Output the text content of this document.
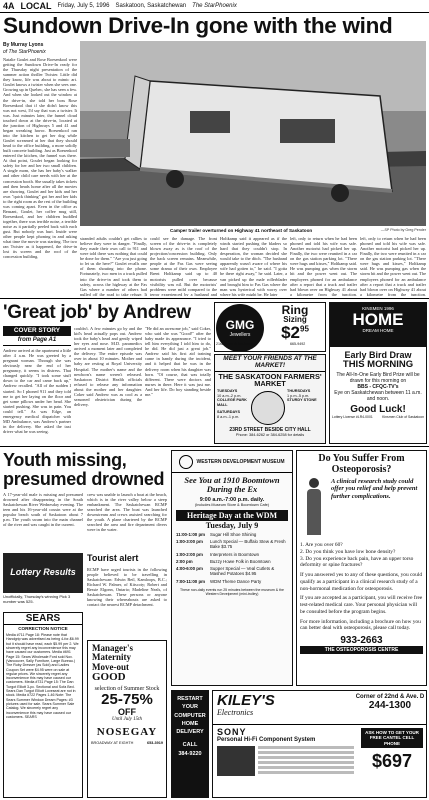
4A LOCAL Friday, July 5, 1996 Saskatoon, Saskatchewan The StarPhoenix
Sundown Drive-In gone with the wind
By Murray Lyons
of The StarPhoenix
Natalie Goulet and Rose Boesenkool were getting the Sundown Drive-In ready for the Thursday night presentation of the summer action thriller Twister. Little did they know, life was about to mimic art. Goulet knows a twister when she sees one. Growing up in Quebec, she has seen a few. And when she looked out the window at the drive-in, she told her boss Rose Boesenkool that if she didn't know this was not west, I'd say that was a twister. It was. Just minutes later, the funnel cloud touched down at the drive-in, located at the junction of Highways 5 and 41 and began wreaking havoc. Boesenkool ran into the kitchen to get her dog while Goulet screamed at her that they should head to the office building, a more solidly built concrete building. Just as Boesenkool entered the kitchen, the funnel was there. At that point, Goulet began looking for safety for her and her two small children. A single mom, she has her baby's walker and other child care needs with her at the concession booth. She usually takes tickets and then heads home after all the movies are showing. Goulet and her kids and her own "quick thinking" got her and her kids to the right room as the rest of the building was coming apart. Even in the office as Beasant, Goulet, her coffee mug still, Boesenkool, and her children huddled together, there was terrible noise, a terrible noise as it partially peeled back with each gust. But nobody was hurt. Inside were other people kept phoning in and asking what time the movie was starting. The two ran Twister as it happened, the drive-in lost its screen and the roof of the concession building.
Camper trailer overturned on Highway 41 northeast of Saskatoon	—SP Photo by Greg Pender
stranded adults couldn't get rallies to believe they were in danger. "Finally, they made their own call to 911 and were told there was nothing that could be done for them." "Are you just going to let us die here?" Goulet recalls one of them shouting into the phone. Fortunately, two men in a truck pulled into the drive-in and took them to safety, across the highway at the Fas Gas where a number of others had pulled off the road to take refuge. It
could see the damage. The front screen of the drive-in is completely blown away as is the roof of the projection/concession building. Only the back screen remains. Meanwhile, people at the Fas Gas were seeing some drama of their own. Employee Brent Holtkamp said up to 40 motorists pulled over because visibility was nil. But the motorists' problems were mild compared to the terror experienced by a husband and
Holtkamp said it appeared as if the winds started pushing the bladers so hard that they couldn't stop. In desperation, the woman decided she would take to the ditch. "The husband apparently wasn't aware of where his wife had gotten to," he said. "I gotta be there right away," he said. Later, a van picked up the male rollerblader and brought him to Fas Gas where the man was hysterical with worry over where his wife might be. He later
left, only to return when he had been phoned and told his wife was safe. Another motorist had picked her up. Finally, the two were reunited in a car on the gas station parking lot. "There were hugs and kisses," Holtkamp said. He was pumping gas when the storm hit and the power went out. The employees phoned for an ambulance after a report that a truck and trailer had blown over on Highway 41 about a kilometre from the junction.
left, only to return when he had been phoned and told his wife was safe. Another motorist had picked her up. Finally, the two were reunited in a car on the gas station parking lot. "There were hugs and kisses," Holtkamp said. He was pumping gas when the storm hit and the power went out. The employees phoned for an ambulance after a report that a truck and trailer had blown over on Highway 41 about a kilometre from the junction.
'Great job' by Andrew
COVER STORY
from Page A1
Andrew arrived at the apartment a little after 4 a.m. He was greeted by a pregnant woman. Through she was obviously near the end of her pregnancy, it seems in distress. That changed quickly. "I took some stuff down to the car and came back up," Andrew recalled. "All of the sudden I started. So I phoned 911 and they told me to get her laying on the floor and get some pillows under her head. She started pushing. She was in pain. You could tell." As was Edge, an emergency medical dispatcher with MD Ambulance, was Andrew's partner in the delivery. She asked the taxi driver what he was seeing.
couldn't. A few minutes go by and the kid's head actually pops out. Andrew took the baby's head and gently wiped her eyes and nose. M.D. paramedics arrived a moment later and completed the delivery. The entire episode was over in about 10 minutes. Mother and baby are resting at Royal University Hospital. The mother's name and the newborn's name weren't released. Saskatoon District Health officials refused to release any information about the mother and her daughter. Coker said Andrew was as cool as a seasoned obstetrician during the delivery.
"He did an awesome job," said Coker, who said she was "Good!" after the baby made its appearance. "I tried to tell him everything I told him to do, he did. He did just a great job." Andrew said his first aid training came in handy during the incident, and it helped that he was in the delivery room when his daughter was born. "Of course, that was totally different. There were doctors and nurses in there. Here it was just me. And her life. Do boy standing beside me."
GMG
Jewellers
Ring
Sizing
$\$2^{95}$
21st Street & 1st Avenue	665-9492
MEET YOUR FRIENDS AT THE MARKET!
THE SASKATOON FARMERS' MARKET
TUESDAYS
10 a.m.-2 p.m.
COLLEGE PARK MALL
SATURDAYS
8 a.m.-1 p.m.
THURSDAYS
1 p.m.-5 p.m.
STURDY STONE
23RD STREET BESIDE CITY HALL
Phone: 384-6262 or 384-6258 for details
KINSMEN 1996
HOME
DREAM HOME
Early Bird Draw
THIS MORNING
The All-In-One Early Bird Prize will be drawn for this morning on
BBS - CFQC-TV's
Eye on Saskatchewan between 11 a.m. and noon.
Good Luck!
Lottery License #LR4-0001	Kinsmen Club of Saskatoon
Youth missing, presumed drowned
A 17-year-old male is missing and presumed drowned after disappearing in the South Saskatchewan River Wednesday evening. The teen and his 16-year-old cousin were at the popular beach south of Saskatoon about 7 p.m. The youth swam into the main channel of the river and was caught in the current.
crew was unable to launch a boat at the beach, which is in the river valley below a steep embankment. The Saskatchewan RCMP searched the area. The boat was launched downstream and crews assisted searching for the youth. A plane chartered by the RCMP searched the area and fire department divers were in the water.
Lottery Results
Unofficially, Thursday's winning Pick 3 number was 525.
SEARS
CORRECTION NOTICE
Media #711 Page 18: Please note that Handgrip was advertised as being 4-for-$6.99 but it should have read, each $5.99 per 2. We sincerely regret any inconvenience this may have caused our customers. Media #691 Page 15: Sears Wholesale Ford sold Nov. (Vancouver, Sally Furniture, Large Bureau.) The Ruby Dresser (as Sold) and Ladies Coupon Set were $4.95 were on sale at regular prices. We sincerely regret any inconvenience this may have caused our customers. Media #731 Page 15: The Dan Turgot Elliott 3-pc. Sectional and Sofa Bed. Sears Dan Turgot Elliott Loveseat are not in stock. Media #722 Pages 1-46 Note: The Sears Summer Window Dream Pages: #3 pictures used for sale. Sears Summer Sale Catalog. We sincerely regret any inconvenience this may have caused our customers. SEARS
Tourist alert
RCMP have urged tourists in the following people believed to be travelling in Saskatchewan: Edwin Beil, Kamloops, B.C.; Richard W. Palmer, of Kitscoty; Robert and Bessie Elgonn, Ontario; Madeline Neals, of Saskatchewan. These persons or anyone knowing their whereabouts are asked to contact the nearest RCMP detachment.
Manager's
Maternity
Move-out
GOOD
selection of Summer Stock
25-75%
OFF
Until July 15th
NOSEGAY
BROADWAY AT EIGHTH	653-3919
WESTERN DEVELOPMENT MUSEUM
See You at 1910 Boomtown During the Ex
9:00 a.m.-7:00 p.m. daily.
(Includes Museum Store & Boomtown Cafe)
Heritage Day at the WDM
Tuesday, July 9
11:00-1:00 pm	Sugar Hill Shoe Shining
1:00-3:00 pm	Lunch Special — Buffalo Stew & Fresh Bake $3.75
1:00-2:00 pm	Interpreters in Boomtown
2:00 pm	Buzzy Howe Folk in Boomtown
4:00-6:00 pm	Supper Special — Veal Cutlets & Mashed Potatoes $4.95
7:00-11:00 pm	WDM Theme Dance Party
These non-daily events run 25 minutes between the museum & the Western Develpment (mini-trolley)
RESTART
YOUR
COMPUTER
HOME
DELIVERY
CALL
384-9220
KILEY'S
Electronics
Corner of 22nd & Ave. D
244-1300
SONY
Personal Hi-Fi Component System
ASK HOW TO GET YOUR FREE CANTEL CELL PHONE
$697
Do You Suffer From Osteoporosis?
A clinical research study could offer you relief and help prevent further complications.
1. Are you over 60?
2. Do you think you have low bone density?
3. Do you experience back pain, have an upper torso deformity or spine fractures?
If you answered yes to any of these questions, you could qualify as a participant in a clinical research study of a non-hormonal medication for osteoporosis.
If you are accepted as a participant, you will receive free test-related medical care. Your personal physician will be consulted before the program begins.
For more information, including a brochure on how you can better deal with osteoporosis, please call today.
933-2663
THE OSTEOPOROSIS CENTRE
